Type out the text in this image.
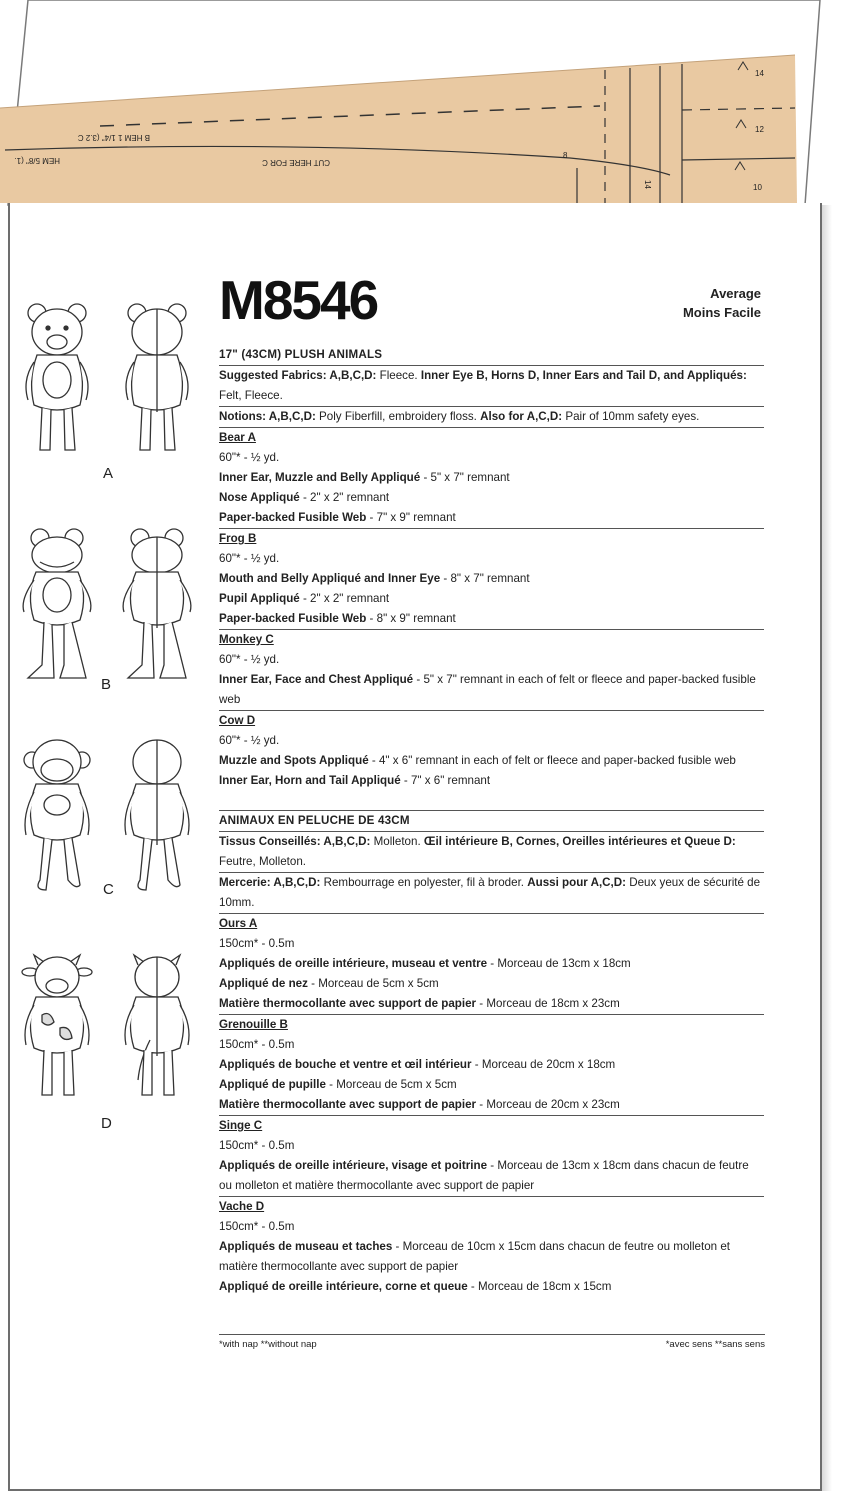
B HEM 1 1/4" (3.2 C
HEM 5/8" (1.	CUT HERE FOR C
8
14
14
12
10
M8546	Average
Moins Facile
A
B
C
D
17" (43CM) PLUSH ANIMALS
Suggested Fabrics: A,B,C,D: Fleece. Inner Eye B, Horns D, Inner Ears and Tail D, and Appliqués: Felt, Fleece.
Notions: A,B,C,D: Poly Fiberfill, embroidery floss. Also for A,C,D: Pair of 10mm safety eyes.
Bear A
60"* - ½ yd.
Inner Ear, Muzzle and Belly Appliqué - 5" x 7" remnant
Nose Appliqué - 2" x 2" remnant
Paper-backed Fusible Web - 7" x 9" remnant
Frog B
60"* - ½ yd.
Mouth and Belly Appliqué and Inner Eye - 8" x 7" remnant
Pupil Appliqué - 2" x 2" remnant
Paper-backed Fusible Web - 8" x 9" remnant
Monkey C
60"* - ½ yd.
Inner Ear, Face and Chest Appliqué - 5" x 7" remnant in each of felt or fleece and paper-backed fusible web
Cow D
60"* - ½ yd.
Muzzle and Spots Appliqué - 4" x 6" remnant in each of felt or fleece and paper-backed fusible web
Inner Ear, Horn and Tail Appliqué - 7" x 6" remnant
ANIMAUX EN PELUCHE DE 43CM
Tissus Conseillés: A,B,C,D: Molleton. Œil intérieure B, Cornes, Oreilles intérieures et Queue D: Feutre, Molleton.
Mercerie: A,B,C,D: Rembourrage en polyester, fil à broder. Aussi pour A,C,D: Deux yeux de sécurité de 10mm.
Ours A
150cm* - 0.5m
Appliqués de oreille intérieure, museau et ventre - Morceau de 13cm x 18cm
Appliqué de nez - Morceau de 5cm x 5cm
Matière thermocollante avec support de papier - Morceau de 18cm x 23cm
Grenouille B
150cm* - 0.5m
Appliqués de bouche et ventre et œil intérieur - Morceau de 20cm x 18cm
Appliqué de pupille - Morceau de 5cm x 5cm
Matière thermocollante avec support de papier - Morceau de 20cm x 23cm
Singe C
150cm* - 0.5m
Appliqués de oreille intérieure, visage et poitrine - Morceau de 13cm x 18cm dans chacun de feutre ou molleton et matière thermocollante avec support de papier
Vache D
150cm* - 0.5m
Appliqués de museau et taches - Morceau de 10cm x 15cm dans chacun de feutre ou molleton et matière thermocollante avec support de papier
Appliqué de oreille intérieure, corne et queue - Morceau de 18cm x 15cm
*with nap **without nap	*avec sens **sans sens
